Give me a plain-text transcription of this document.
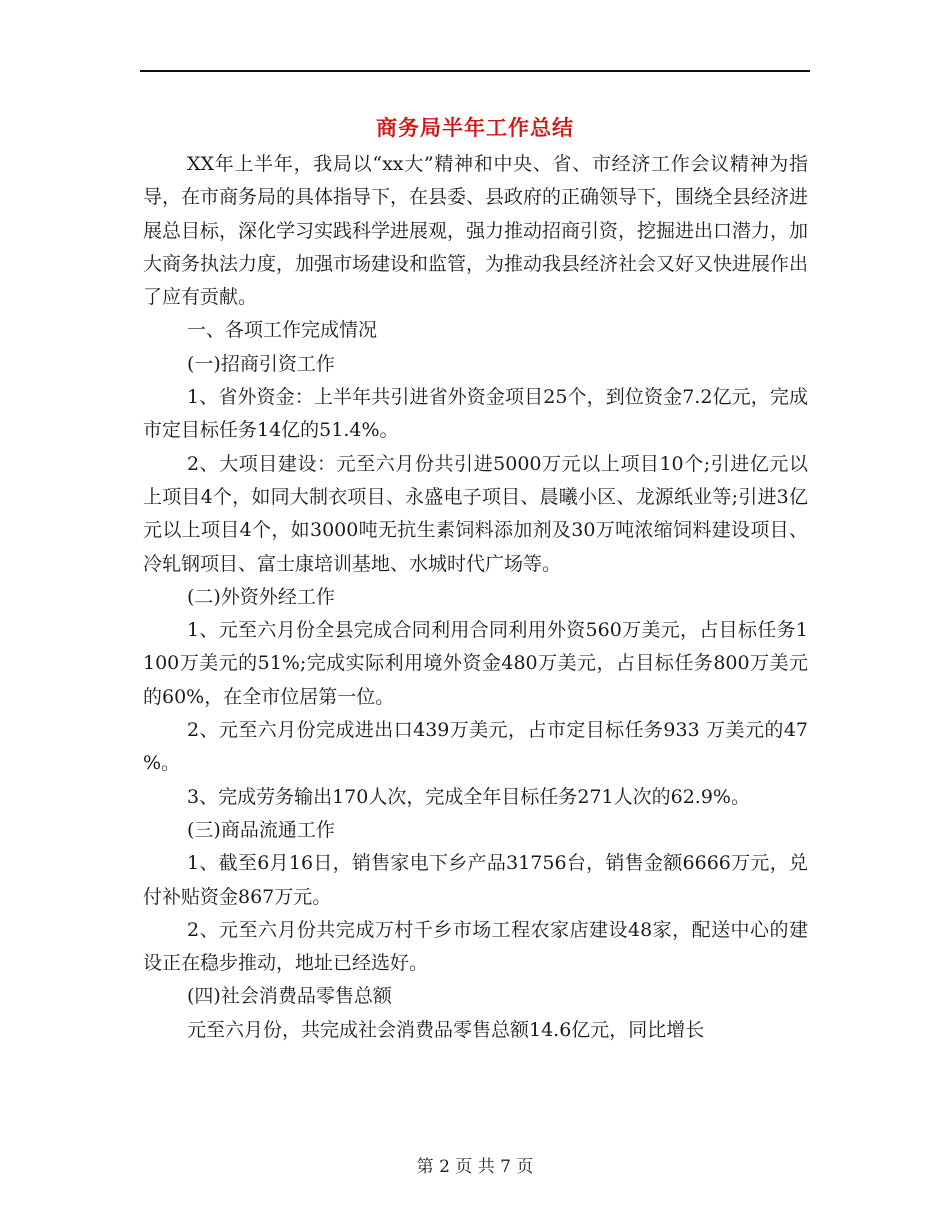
商务局半年工作总结

XX年上半年，我局以“xx大”精神和中央、省、市经济工作会议精神为指导，在市商务局的具体指导下，在县委、县政府的正确领导下，围绕全县经济进展总目标，深化学习实践科学进展观，强力推动招商引资，挖掘进出口潜力，加大商务执法力度，加强市场建设和监管，为推动我县经济社会又好又快进展作出了应有贡献。

一、各项工作完成情况

(一)招商引资工作

1、省外资金：上半年共引进省外资金项目25个，到位资金7.2亿元，完成市定目标任务14亿的51.4%。

2、大项目建设：元至六月份共引进5000万元以上项目10个;引进亿元以上项目4个，如同大制衣项目、永盛电子项目、晨曦小区、龙源纸业等;引进3亿元以上项目4个，如3000吨无抗生素饲料添加剂及30万吨浓缩饲料建设项目、冷轧钢项目、富士康培训基地、水城时代广场等。

(二)外资外经工作

1、元至六月份全县完成合同利用合同利用外资560万美元，占目标任务1100万美元的51%;完成实际利用境外资金480万美元，占目标任务800万美元的60%，在全市位居第一位。

2、元至六月份完成进出口439万美元，占市定目标任务933 万美元的47 %。

3、完成劳务输出170人次，完成全年目标任务271人次的62.9%。

(三)商品流通工作

1、截至6月16日，销售家电下乡产品31756台，销售金额6666万元，兑付补贴资金867万元。

2、元至六月份共完成万村千乡市场工程农家店建设48家，配送中心的建设正在稳步推动，地址已经选好。

(四)社会消费品零售总额

元至六月份，共完成社会消费品零售总额14.6亿元，同比增长

第 2 页 共 7 页
